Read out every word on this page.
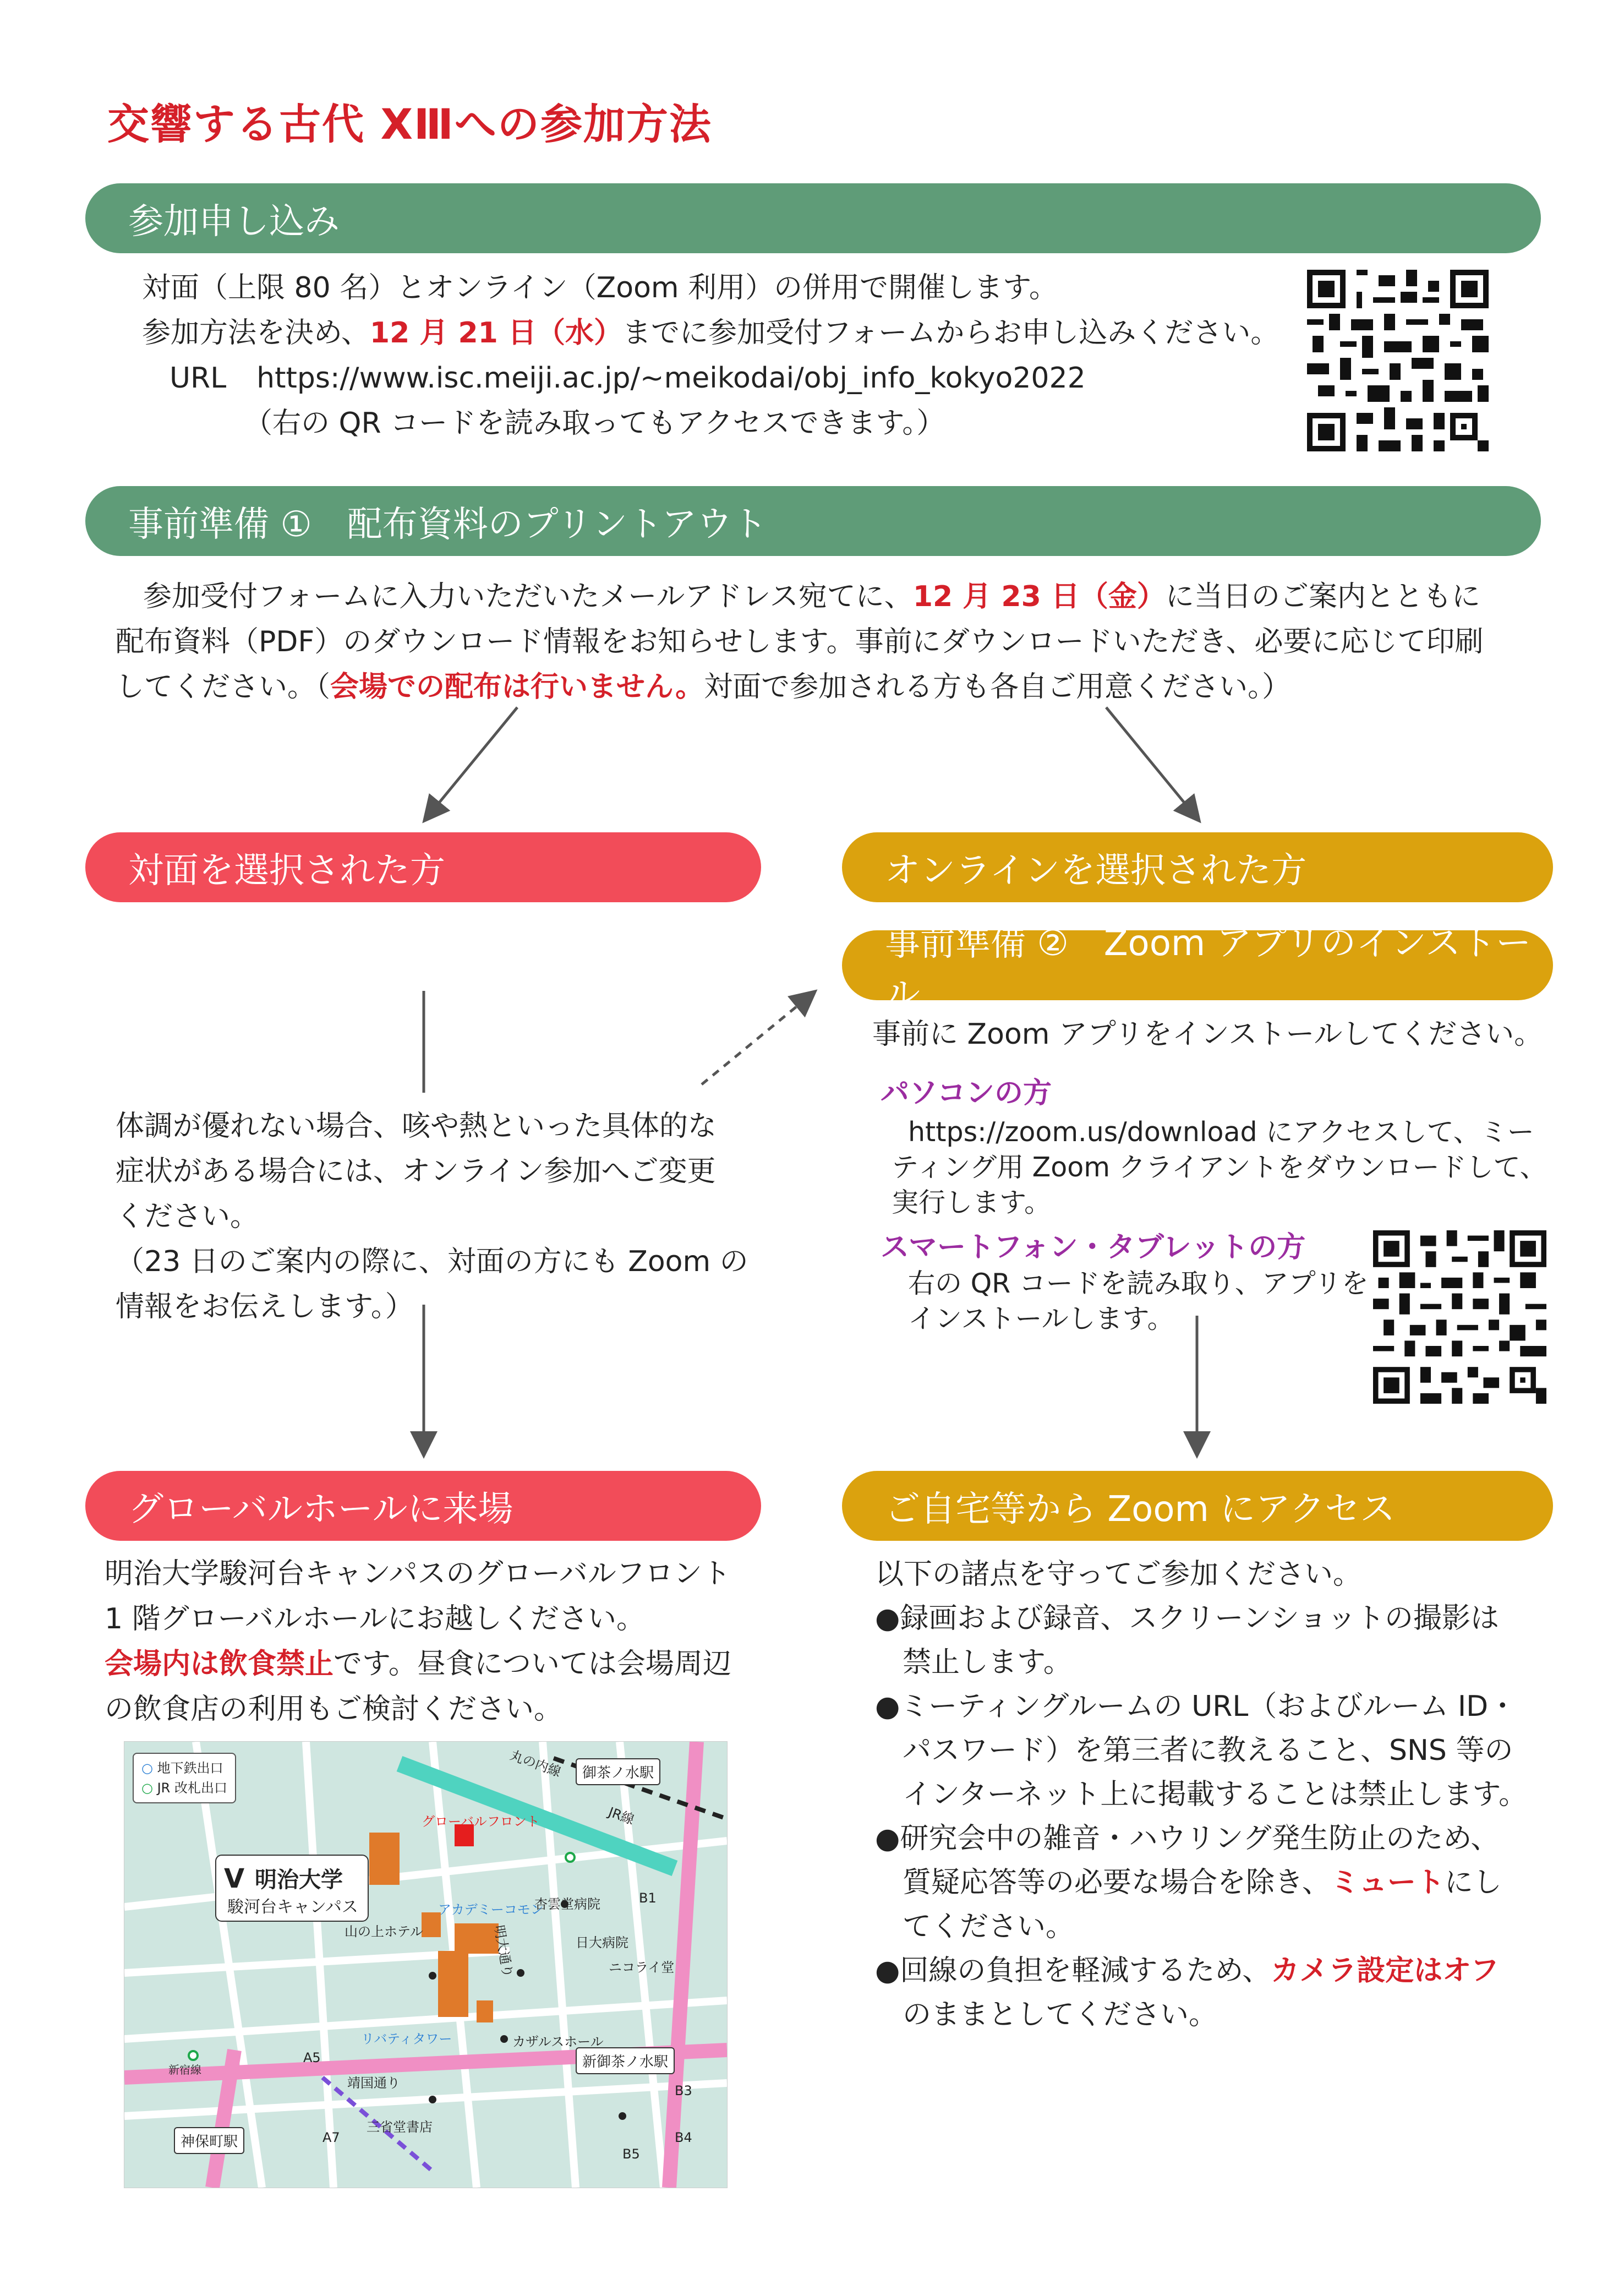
交響する古代 XⅢへの参加方法
参加申し込み

対面（上限 80 名）とオンライン（Zoom 利用）の併用で開催します。

参加方法を決め、12 月 21 日（水）までに参加受付フォームからお申し込みください。

URL https://www.isc.meiji.ac.jp/~meikodai/obj_info_kokyo2022

（右の QR コードを読み取ってもアクセスできます。）

事前準備 ①　配布資料のプリントアウト

参加受付フォームに入力いただいたメールアドレス宛てに、12 月 23 日（金）に当日のご案内とともに

配布資料（PDF）のダウンロード情報をお知らせします。事前にダウンロードいただき、必要に応じて印刷

してください。（会場での配布は行いません。対面で参加される方も各自ご用意ください。）

対面を選択された方

体調が優れない場合、咳や熱といった具体的な

症状がある場合には、オンライン参加へご変更

ください。

（23 日のご案内の際に、対面の方にも Zoom の

情報をお伝えします。）

グローバルホールに来場

明治大学駿河台キャンパスのグローバルフロント

1 階グローバルホールにお越しください。

会場内は飲食禁止です。昼食については会場周辺

の飲食店の利用もご検討ください。

○ 地下鉄出口
○ JR 改札出口
V 明治大学
駿河台キャンパス
御茶ノ水駅
新御茶ノ水駅
神保町駅
グローバルフロント
アカデミーコモン
杏雲堂病院
日大病院
ニコライ堂
山の上ホテル
リバティタワー	カザルスホール
靖国通り
三省堂書店
明大通り
JR線
丸の内線
新宿線
B1
B3
B4
B5
A5
A7
オンラインを選択された方
事前準備 ②　Zoom アプリのインストール
事前に Zoom アプリをインストールしてください。

パソコンの方

https://zoom.us/download にアクセスして、ミー

ティング用 Zoom クライアントをダウンロードして、

実行します。

スマートフォン・タブレットの方

右の QR コードを読み取り、アプリを

インストールします。

ご自宅等から Zoom にアクセス

以下の諸点を守ってご参加ください。

●録画および録音、スクリーンショットの撮影は

禁止します。

●ミーティングルームの URL（およびルーム ID・

パスワード）を第三者に教えること、SNS 等の

インターネット上に掲載することは禁止します。

●研究会中の雑音・ハウリング発生防止のため、

質疑応答等の必要な場合を除き、ミュートにし

てください。

●回線の負担を軽減するため、カメラ設定はオフ

のままとしてください。
